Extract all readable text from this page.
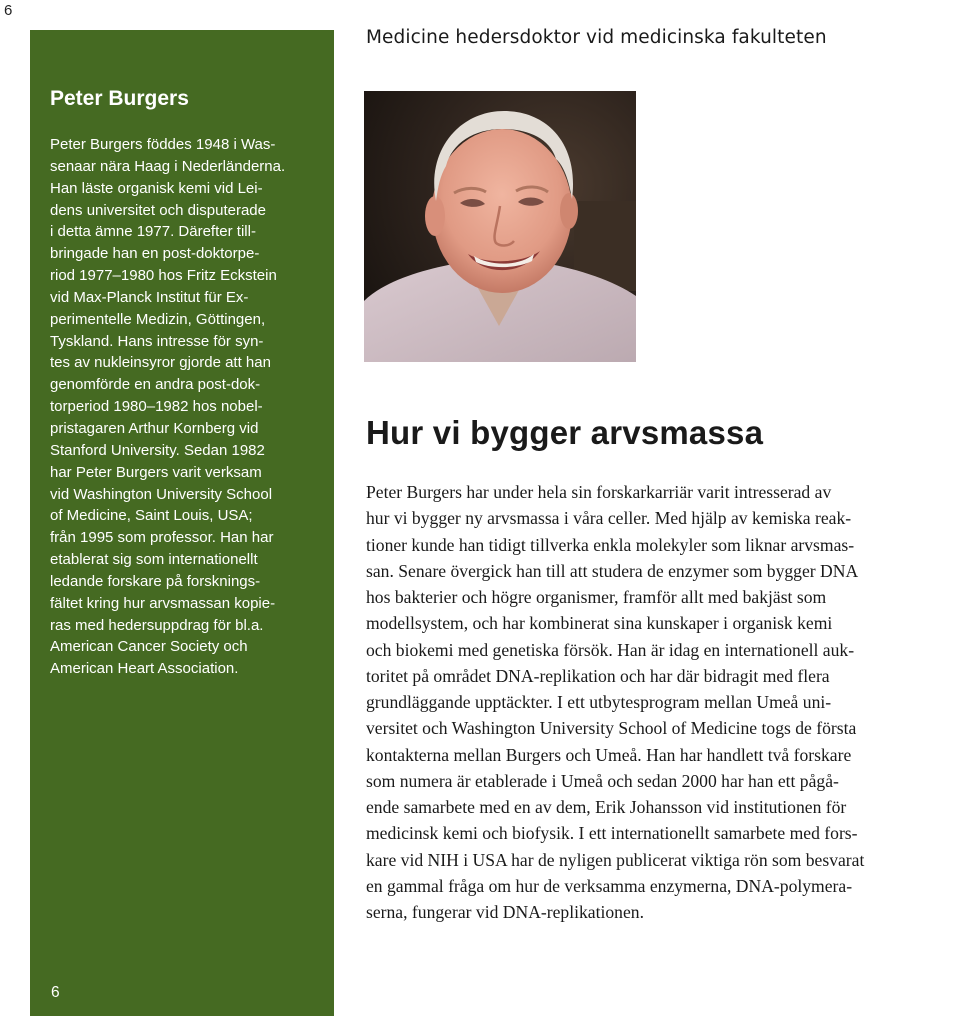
6
Medicine hedersdoktor vid medicinska fakulteten
Peter Burgers
Peter Burgers föddes 1948 i Was-
senaar nära Haag i Nederländerna.
Han läste organisk kemi vid Lei-
dens universitet och disputerade
i detta ämne 1977. Därefter till-
bringade han en post-doktorpe-
riod 1977–1980 hos Fritz Eckstein
vid Max-Planck Institut für Ex-
perimentelle Medizin, Göttingen,
Tyskland. Hans intresse för syn-
tes av nukleinsyror gjorde att han
genomförde en andra post-dok-
torperiod 1980–1982 hos nobel-
pristagaren Arthur Kornberg vid
Stanford University. Sedan 1982
har Peter Burgers varit verksam
vid Washington University School
of Medicine, Saint Louis, USA;
från 1995 som professor. Han har
etablerat sig som internationellt
ledande forskare på forsknings-
fältet kring hur arvsmassan kopie-
ras med hedersuppdrag för bl.a.
American Cancer Society och
American Heart Association.
6
Hur vi bygger arvsmassa
Peter Burgers har under hela sin forskarkarriär varit intresserad av
hur vi bygger ny arvsmassa i våra celler. Med hjälp av kemiska reak-
tioner kunde han tidigt tillverka enkla molekyler som liknar arvsmas-
san. Senare övergick han till att studera de enzymer som bygger DNA
hos bakterier och högre organismer, framför allt med bakjäst som
modellsystem, och har kombinerat sina kunskaper i organisk kemi
och biokemi med genetiska försök. Han är idag en internationell auk-
toritet på området DNA-replikation och har där bidragit med flera
grundläggande upptäckter. I ett utbytesprogram mellan Umeå uni-
versitet och Washington University School of Medicine togs de första
kontakterna mellan Burgers och Umeå. Han har handlett två forskare
som numera är etablerade i Umeå och sedan 2000 har han ett pågå-
ende samarbete med en av dem, Erik Johansson vid institutionen för
medicinsk kemi och biofysik. I ett internationellt samarbete med fors-
kare vid NIH i USA har de nyligen publicerat viktiga rön som besvarat
en gammal fråga om hur de verksamma enzymerna, DNA-polymera-
serna, fungerar vid DNA-replikationen.
